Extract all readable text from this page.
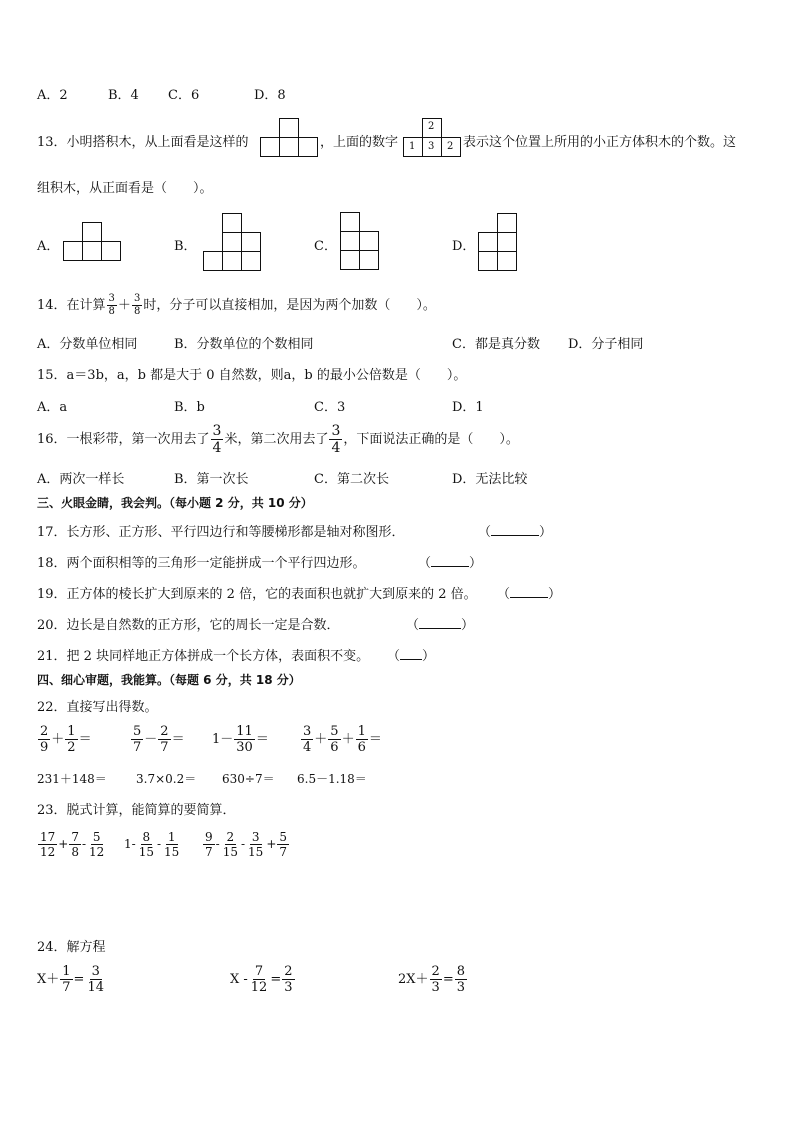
A．2	B．4 C．6	D．8
13．小明搭积木，从上面看是这样的	，上面的数字
2
1 3 2 表示这个位置上所用的小正方体积木的个数。这
组积木，从正面看是（　　）。
A．	B．	C．	D．
14．在计算 $\frac{3}{8} + \frac{3}{8}$ 时，分子可以直接相加，是因为两个加数（　　）。
A．分数单位相同	B．分数单位的个数相同	C．都是真分数 D．分子相同
15．a＝3b，a，b 都是大于 0 自然数，则a，b 的最小公倍数是（　　）。
A．a	B．b	C．3	D．1
16．一根彩带，第一次用去了 $\frac{3}{4}$ 米，第二次用去了 $\frac{3}{4}$ ，下面说法正确的是（　　）。
A．两次一样长	B．第一次长	C．第二次长	D．无法比较
三、火眼金睛，我会判。（每小题 2 分，共 10 分）
17．长方形、正方形、平行四边行和等腰梯形都是轴对称图形．	（	）
18．两个面积相等的三角形一定能拼成一个平行四边形。	（	）
19．正方体的棱长扩大到原来的 2 倍，它的表面积也就扩大到原来的 2 倍。 （	）
20．边长是自然数的正方形，它的周长一定是合数．	（	）
21．把 2 块同样地正方体拼成一个长方体，表面积不变。 （ ）
四、细心审题，我能算。（每题 6 分，共 18 分）
22．直接写出得数。
$\frac{2}{9} + \frac{1}{2}$ ＝	$\frac{5}{7} - \frac{2}{7} = 1- \frac{11}{30} = \frac{3}{4} + \frac{5}{6} + \frac{1}{6}$ ＝
231＋148＝ 3.7×0.2＝ 630÷7＝ 6.5－1.18＝
23．脱式计算，能简算的要简算．
$\frac{17}{12} + \frac{7}{8} - \frac{5}{12} 1- \frac{8}{15} - \frac{1}{15} \frac{9}{7} - \frac{2}{15} - \frac{3}{15} + \frac{5}{7}$
24．解方程
$X+ \frac{1}{7} = \frac{3}{14}$	$X - \frac{7}{12} = \frac{2}{3}$	$2X+ \frac{2}{3} = \frac{8}{3}$
